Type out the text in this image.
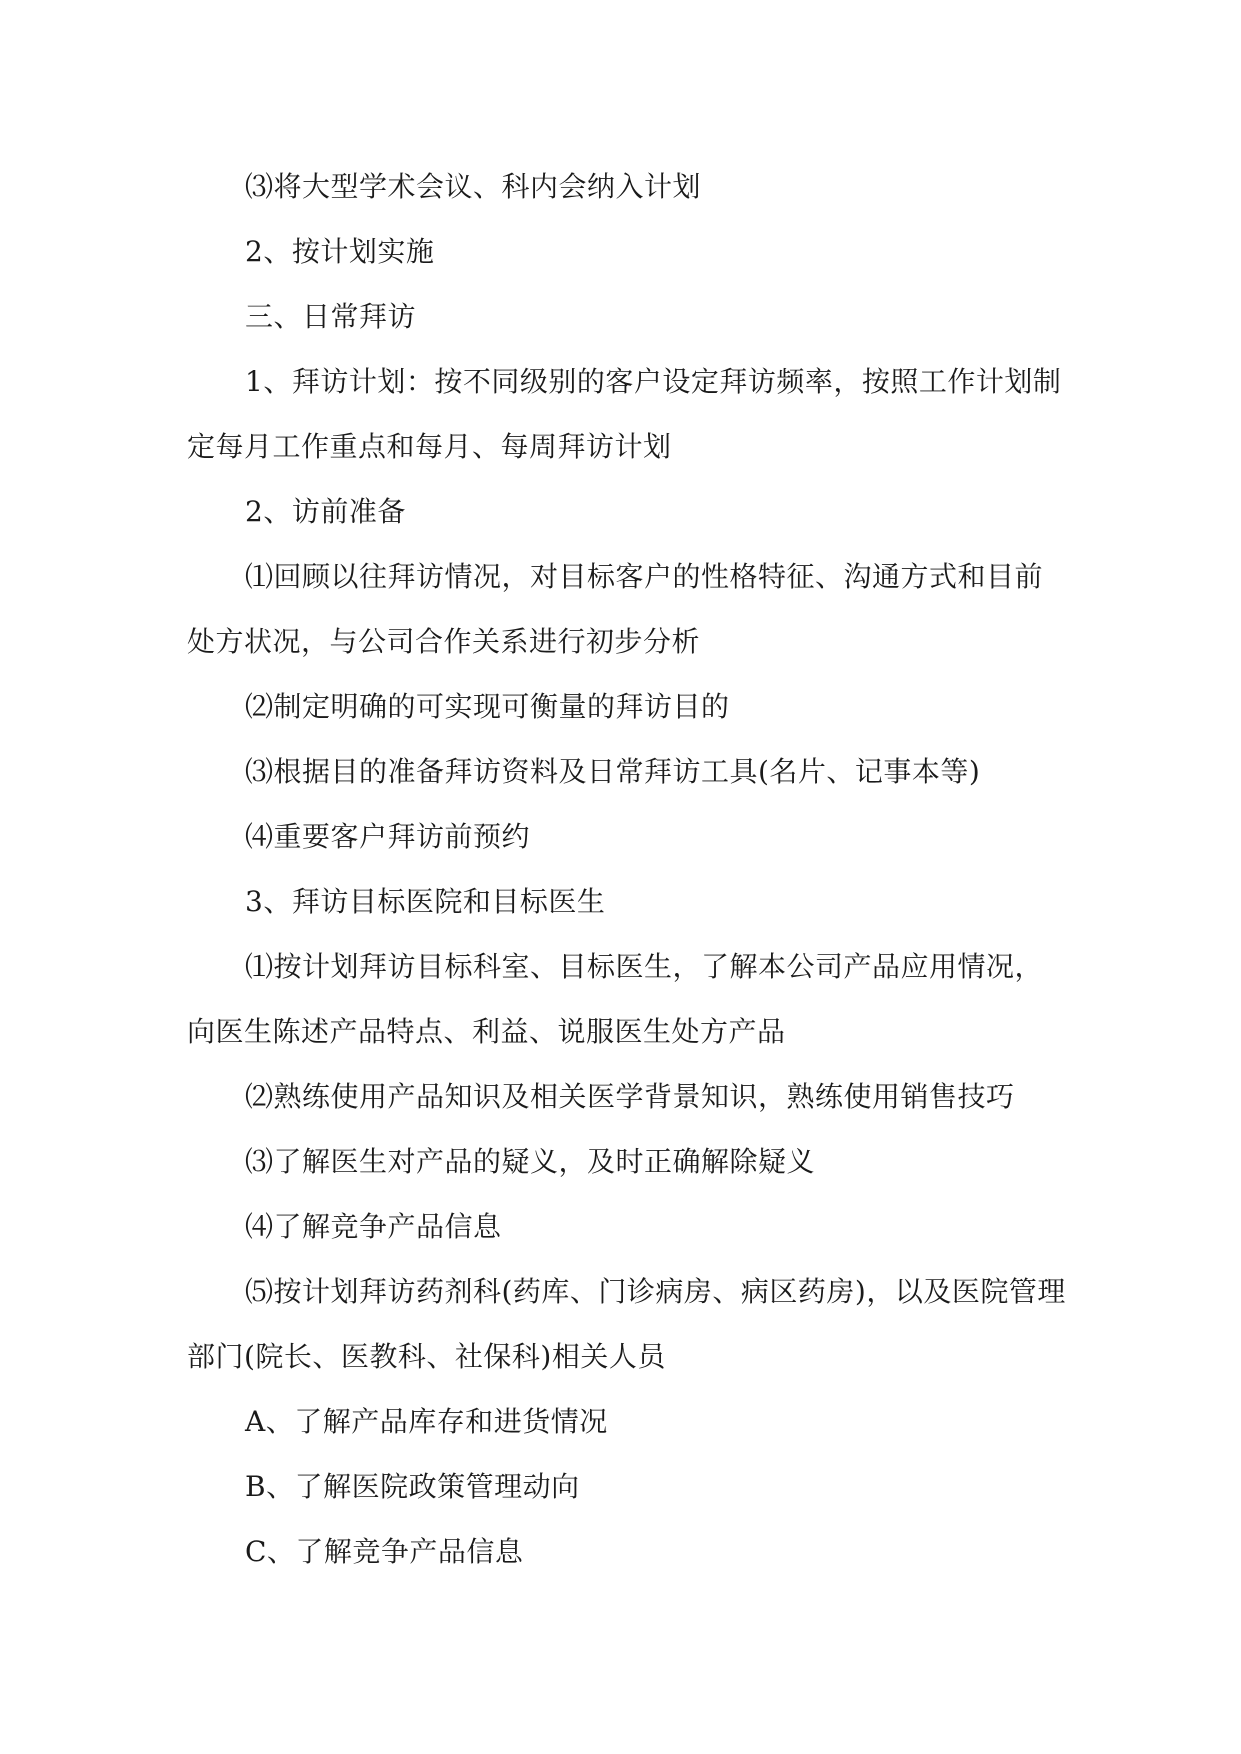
⑶将大型学术会议、科内会纳入计划

2、按计划实施

三、日常拜访

1、拜访计划：按不同级别的客户设定拜访频率，按照工作计划制定每月工作重点和每月、每周拜访计划

2、访前准备

⑴回顾以往拜访情况，对目标客户的性格特征、沟通方式和目前处方状况，与公司合作关系进行初步分析

⑵制定明确的可实现可衡量的拜访目的

⑶根据目的准备拜访资料及日常拜访工具(名片、记事本等)

⑷重要客户拜访前预约

3、拜访目标医院和目标医生

⑴按计划拜访目标科室、目标医生，了解本公司产品应用情况，向医生陈述产品特点、利益、说服医生处方产品

⑵熟练使用产品知识及相关医学背景知识，熟练使用销售技巧

⑶了解医生对产品的疑义，及时正确解除疑义

⑷了解竞争产品信息

⑸按计划拜访药剂科(药库、门诊病房、病区药房)，以及医院管理部门(院长、医教科、社保科)相关人员

A、了解产品库存和进货情况

B、了解医院政策管理动向

C、了解竞争产品信息
